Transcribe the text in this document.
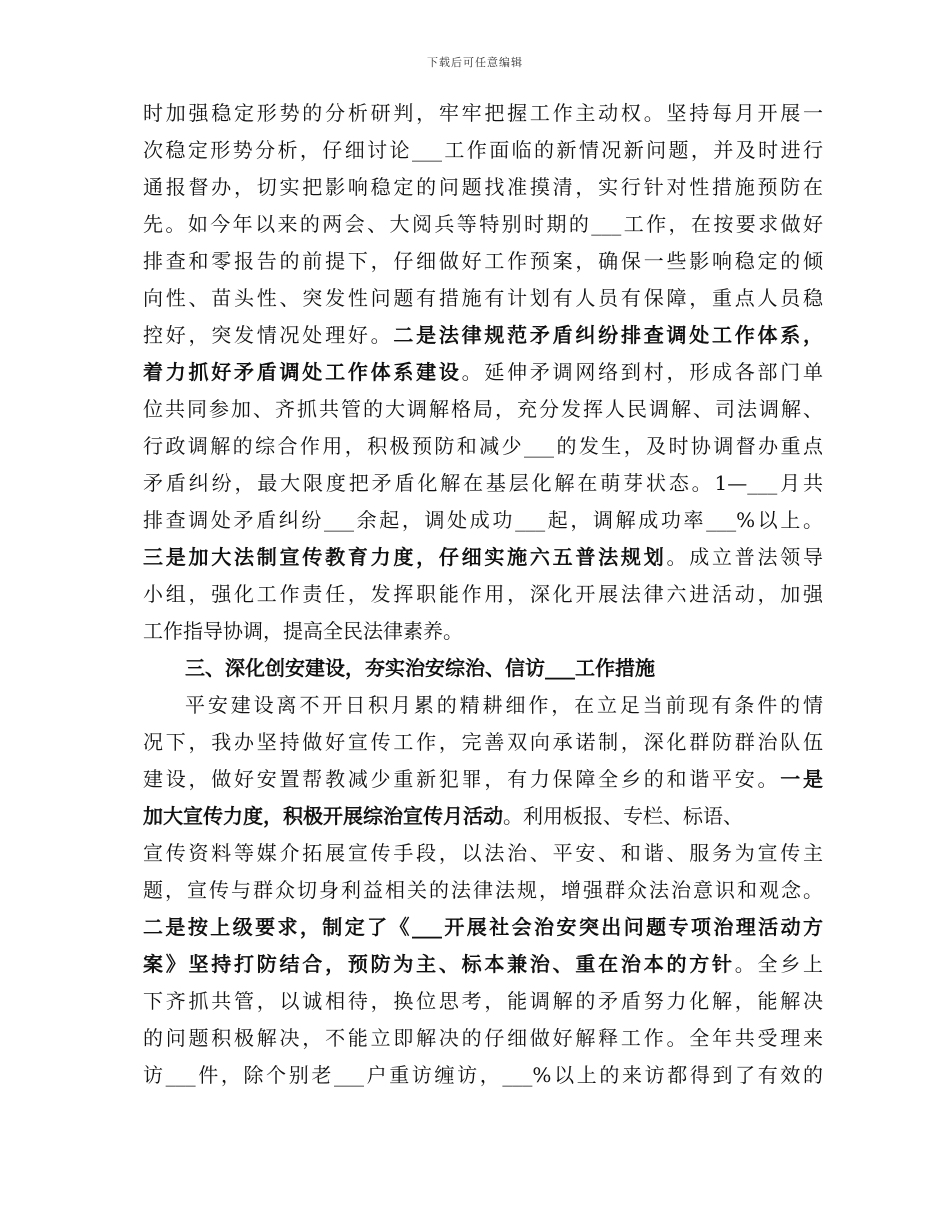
下载后可任意编辑
时加强稳定形势的分析研判，牢牢把握工作主动权。坚持每月开展一
次稳定形势分析，仔细讨论___工作面临的新情况新问题，并及时进行
通报督办，切实把影响稳定的问题找准摸清，实行针对性措施预防在
先。如今年以来的两会、大阅兵等特别时期的___工作，在按要求做好
排查和零报告的前提下，仔细做好工作预案，确保一些影响稳定的倾
向性、苗头性、突发性问题有措施有计划有人员有保障，重点人员稳
控好，突发情况处理好。二是法律规范矛盾纠纷排查调处工作体系，
着力抓好矛盾调处工作体系建设。延伸矛调网络到村，形成各部门单
位共同参加、齐抓共管的大调解格局，充分发挥人民调解、司法调解、
行政调解的综合作用，积极预防和减少___的发生，及时协调督办重点
矛盾纠纷，最大限度把矛盾化解在基层化解在萌芽状态。1—___月共
排查调处矛盾纠纷___余起，调处成功___起，调解成功率___%以上。
三是加大法制宣传教育力度，仔细实施六五普法规划。成立普法领导
小组，强化工作责任，发挥职能作用，深化开展法律六进活动，加强
工作指导协调，提高全民法律素养。
三、深化创安建设，夯实治安综治、信访___工作措施
平安建设离不开日积月累的精耕细作，在立足当前现有条件的情
况下，我办坚持做好宣传工作，完善双向承诺制，深化群防群治队伍
建设，做好安置帮教减少重新犯罪，有力保障全乡的和谐平安。一是
加大宣传力度，积极开展综治宣传月活动。利用板报、专栏、标语、
宣传资料等媒介拓展宣传手段，以法治、平安、和谐、服务为宣传主
题，宣传与群众切身利益相关的法律法规，增强群众法治意识和观念。
二是按上级要求，制定了《___开展社会治安突出问题专项治理活动方
案》坚持打防结合，预防为主、标本兼治、重在治本的方针。全乡上
下齐抓共管，以诚相待，换位思考，能调解的矛盾努力化解，能解决
的问题积极解决，不能立即解决的仔细做好解释工作。全年共受理来
访___件，除个别老___户重访缠访，___%以上的来访都得到了有效的
